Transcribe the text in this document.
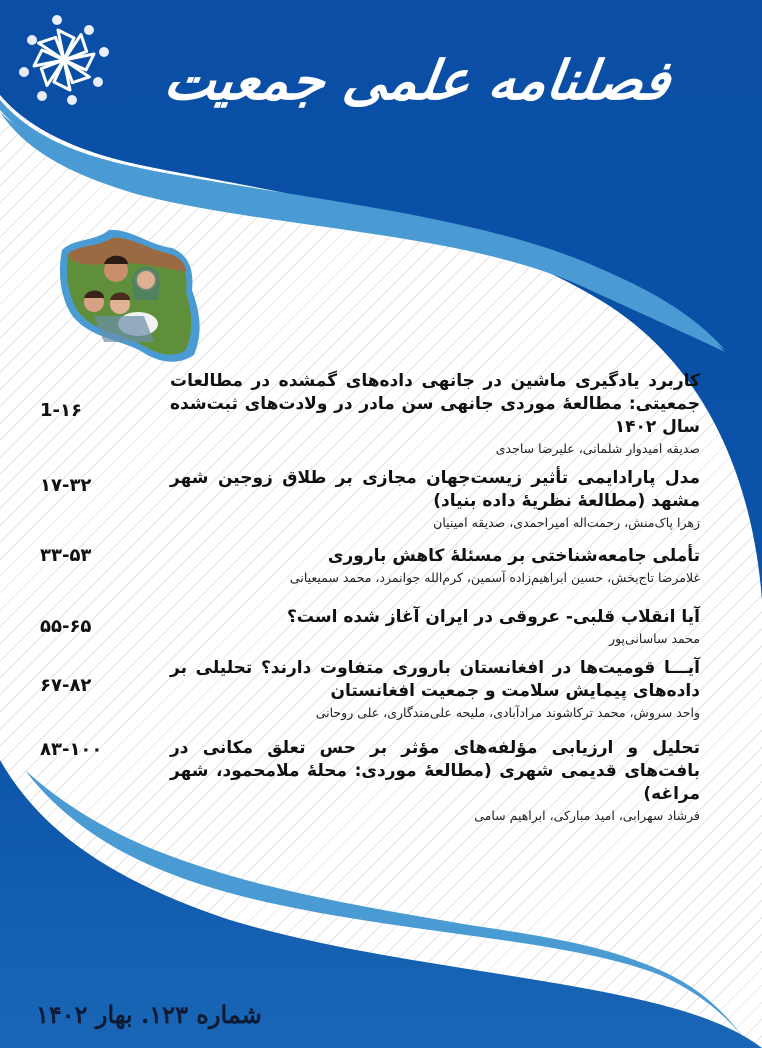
فصلنامه علمی جمعیت
کاربرد یادگیری ماشین در جانهی داده‌های گمشده در مطالعات جمعیتی: مطالعهٔ موردی جانهی سن مادر در ولادت‌های ثبت‌شده سال ۱۴۰۲
صدیقه امیدوار شلمانی، علیرضا ساجدی
1-۱۶
مدل پارادایمی تأثیر زیست‌جهان مجازی بر طلاق زوجین شهر مشهد (مطالعهٔ نظریهٔ داده بنیاد)
زهرا پاک‌منش، رحمت‌اله امیراحمدی، صدیقه امینیان
۱۷-۳۲
تأملی جامعه‌شناختی بر مسئلهٔ کاهش باروری
غلامرضا تاج‌بخش، حسین ابراهیم‌زاده آسمین، کرم‌الله جوانمرد، محمد سمیعیانی
۳۳-۵۳
آیا انقلاب قلبی- عروقی در ایران آغاز شده است؟
محمد ساسانی‌پور
۵۵-۶۵
آیـــا قومیت‌ها در افغانستان باروری متفاوت دارند؟ تحلیلی بر داده‌های پیمایش سلامت و جمعیت افغانستان
واحد سروش، محمد ترکاشوند مرادآبادی، ملیحه علی‌مندگاری، علی روحانی
۶۷-۸۲
تحلیل و ارزیابی مؤلفه‌های مؤثر بر حس تعلق مکانی در بافت‌های قدیمی شهری (مطالعهٔ موردی: محلهٔ ملامحمود، شهر مراغه)
فرشاد سهرابی، امید مبارکی، ابراهیم سامی
۸۳-۱۰۰
شماره ۱۲۳. بهار ۱۴۰۲
